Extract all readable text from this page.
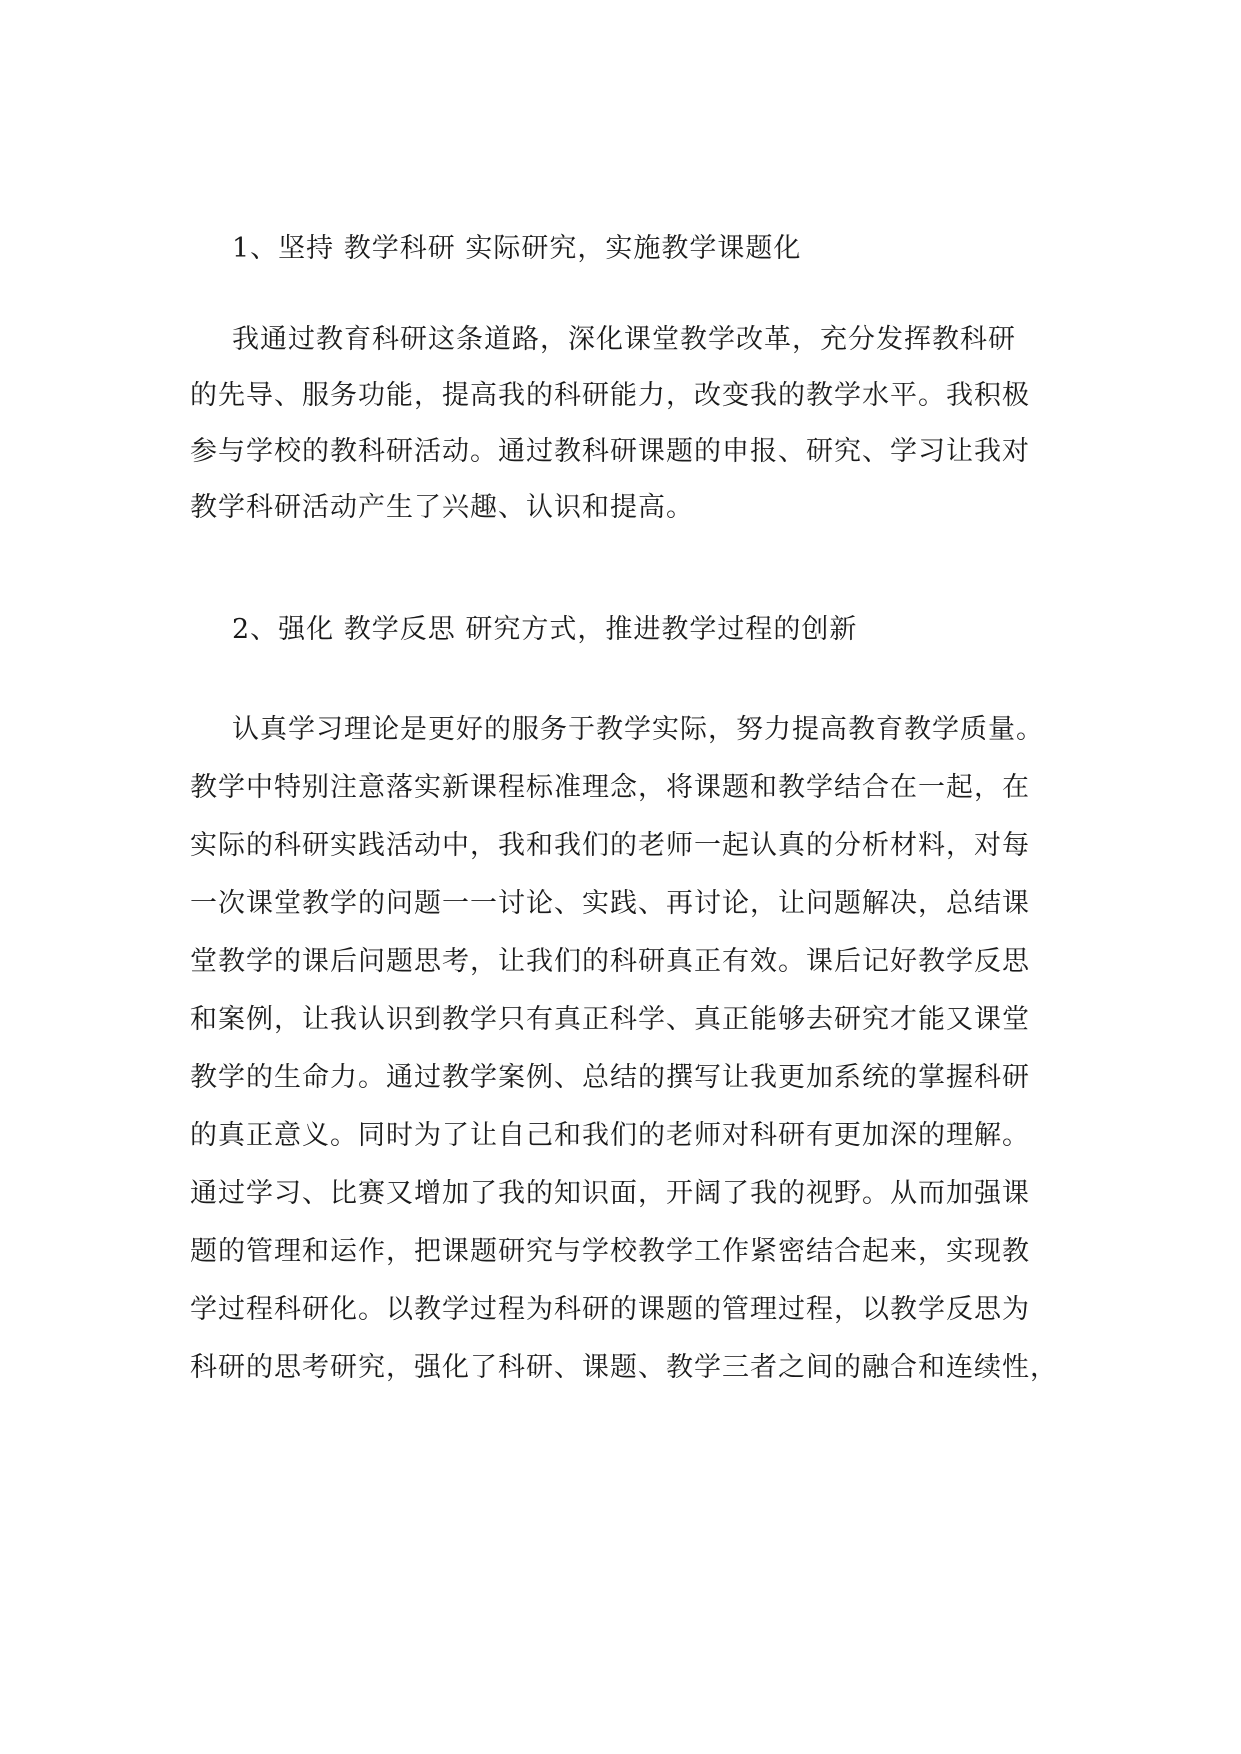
1、坚持 教学科研 实际研究，实施教学课题化
我通过教育科研这条道路，深化课堂教学改革，充分发挥教科研
的先导、服务功能，提高我的科研能力，改变我的教学水平。我积极
参与学校的教科研活动。通过教科研课题的申报、研究、学习让我对
教学科研活动产生了兴趣、认识和提高。
2、强化 教学反思 研究方式，推进教学过程的创新
认真学习理论是更好的服务于教学实际，努力提高教育教学质量。
教学中特别注意落实新课程标准理念，将课题和教学结合在一起，在
实际的科研实践活动中，我和我们的老师一起认真的分析材料，对每
一次课堂教学的问题一一讨论、实践、再讨论，让问题解决，总结课
堂教学的课后问题思考，让我们的科研真正有效。课后记好教学反思
和案例，让我认识到教学只有真正科学、真正能够去研究才能又课堂
教学的生命力。通过教学案例、总结的撰写让我更加系统的掌握科研
的真正意义。同时为了让自己和我们的老师对科研有更加深的理解。
通过学习、比赛又增加了我的知识面，开阔了我的视野。从而加强课
题的管理和运作，把课题研究与学校教学工作紧密结合起来，实现教
学过程科研化。以教学过程为科研的课题的管理过程，以教学反思为
科研的思考研究，强化了科研、课题、教学三者之间的融合和连续性，
